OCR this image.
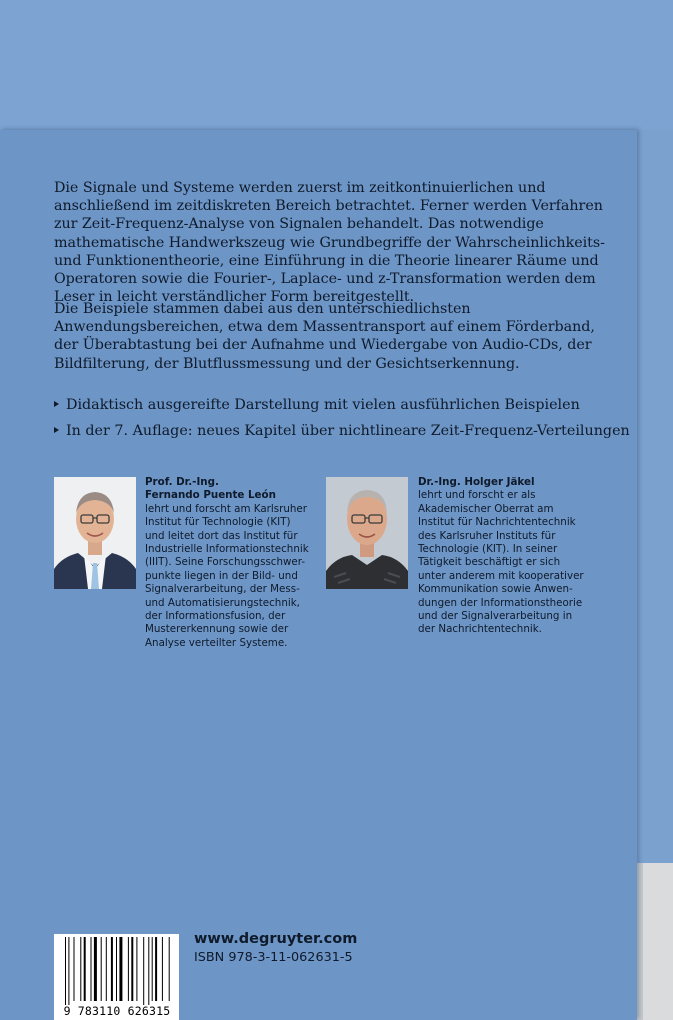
Die Signale und Systeme werden zuerst im zeitkontinuierlichen und anschließend im zeitdiskreten Bereich betrachtet. Ferner werden Verfahren zur Zeit-Frequenz-Analyse von Signalen behandelt. Das notwendige mathematische Handwerkszeug wie Grundbegriffe der Wahrscheinlichkeits- und Funktionentheorie, eine Einführung in die Theorie linearer Räume und Operatoren sowie die Fourier-, Laplace- und z-Transformation werden dem Leser in leicht verständlicher Form bereitgestellt.

Die Beispiele stammen dabei aus den unterschiedlichsten Anwendungsbereichen, etwa dem Massentransport auf einem Förderband, der Überabtastung bei der Aufnahme und Wiedergabe von Audio-CDs, der Bildfilterung, der Blutflussmessung und der Gesichtserkennung.

Didaktisch ausgereifte Darstellung mit vielen ausführlichen Beispielen
In der 7. Auflage: neues Kapitel über nichtlineare Zeit-Frequenz-Verteilungen
Prof. Dr.-Ing.
Fernando Puente León
lehrt und forscht am Karlsruher
Institut für Technologie (KIT)
und leitet dort das Institut für
Industrielle Informationstechnik
(IIIT). Seine Forschungsschwer-
punkte liegen in der Bild- und
Signalverarbeitung, der Mess-
und Automatisierungstechnik,
der Informationsfusion, der
Mustererkennung sowie der
Analyse verteilter Systeme.
Dr.-Ing. Holger Jäkel
lehrt und forscht er als
Akademischer Oberrat am
Institut für Nachrichtentechnik
des Karlsruher Instituts für
Technologie (KIT). In seiner
Tätigkeit beschäftigt er sich
unter anderem mit kooperativer
Kommunikation sowie Anwen-
dungen der Informationstheorie
und der Signalverarbeitung in
der Nachrichtentechnik.
9 783110 626315
www.degruyter.com
ISBN 978-3-11-062631-5
